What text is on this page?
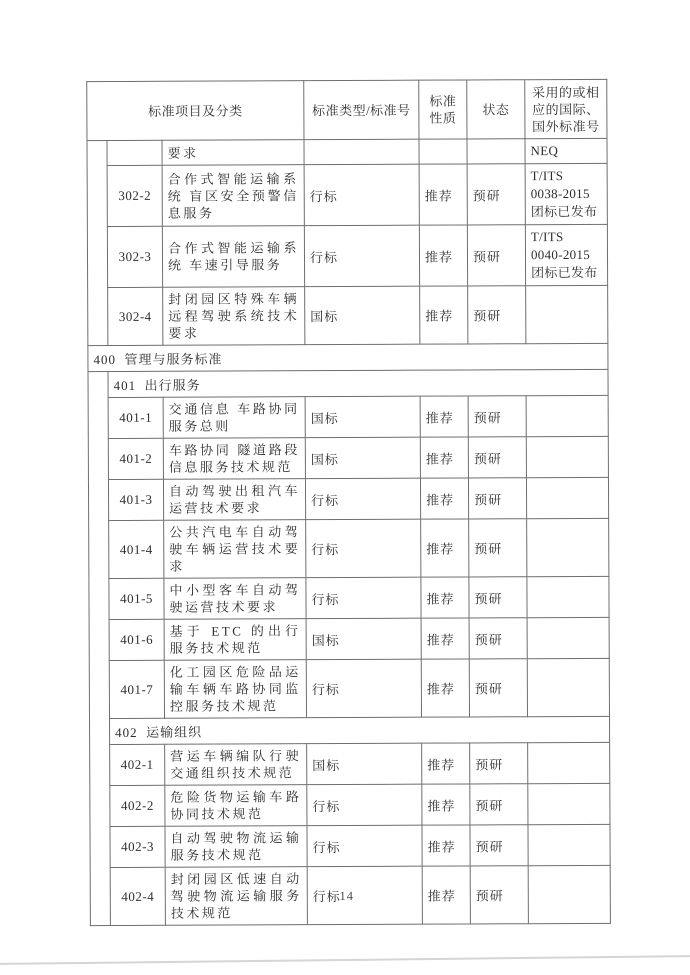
标准项目及分类			标准类型/标准号	标准性质	状态	采用的或相应的国际、国外标准号
		要求				NEQ
	302-2	合作式智能运输系统 盲区安全预警信息服务	行标	推荐	预研	T/ITS
0038-2015
团标已发布
	302-3	合作式智能运输系统 车速引导服务	行标	推荐	预研	T/ITS
0040-2015
团标已发布
	302-4	封闭园区特殊车辆远程驾驶系统技术要求	国标	推荐	预研	
400  管理与服务标准						
	401  出行服务					
	401-1	交通信息 车路协同服务总则	国标	推荐	预研	
	401-2	车路协同 隧道路段信息服务技术规范	国标	推荐	预研	
	401-3	自动驾驶出租汽车运营技术要求	行标	推荐	预研	
	401-4	公共汽电车自动驾驶车辆运营技术要求	行标	推荐	预研	
	401-5	中小型客车自动驾驶运营技术要求	行标	推荐	预研	
	401-6	基于 ETC 的出行服务技术规范	国标	推荐	预研	
	401-7	化工园区危险品运输车辆车路协同监控服务技术规范	行标	推荐	预研	
	402  运输组织					
	402-1	营运车辆编队行驶交通组织技术规范	国标	推荐	预研	
	402-2	危险货物运输车路协同技术规范	行标	推荐	预研	
	402-3	自动驾驶物流运输服务技术规范	行标	推荐	预研	
	402-4	封闭园区低速自动驾驶物流运输服务技术规范	行标	推荐	预研	
14
